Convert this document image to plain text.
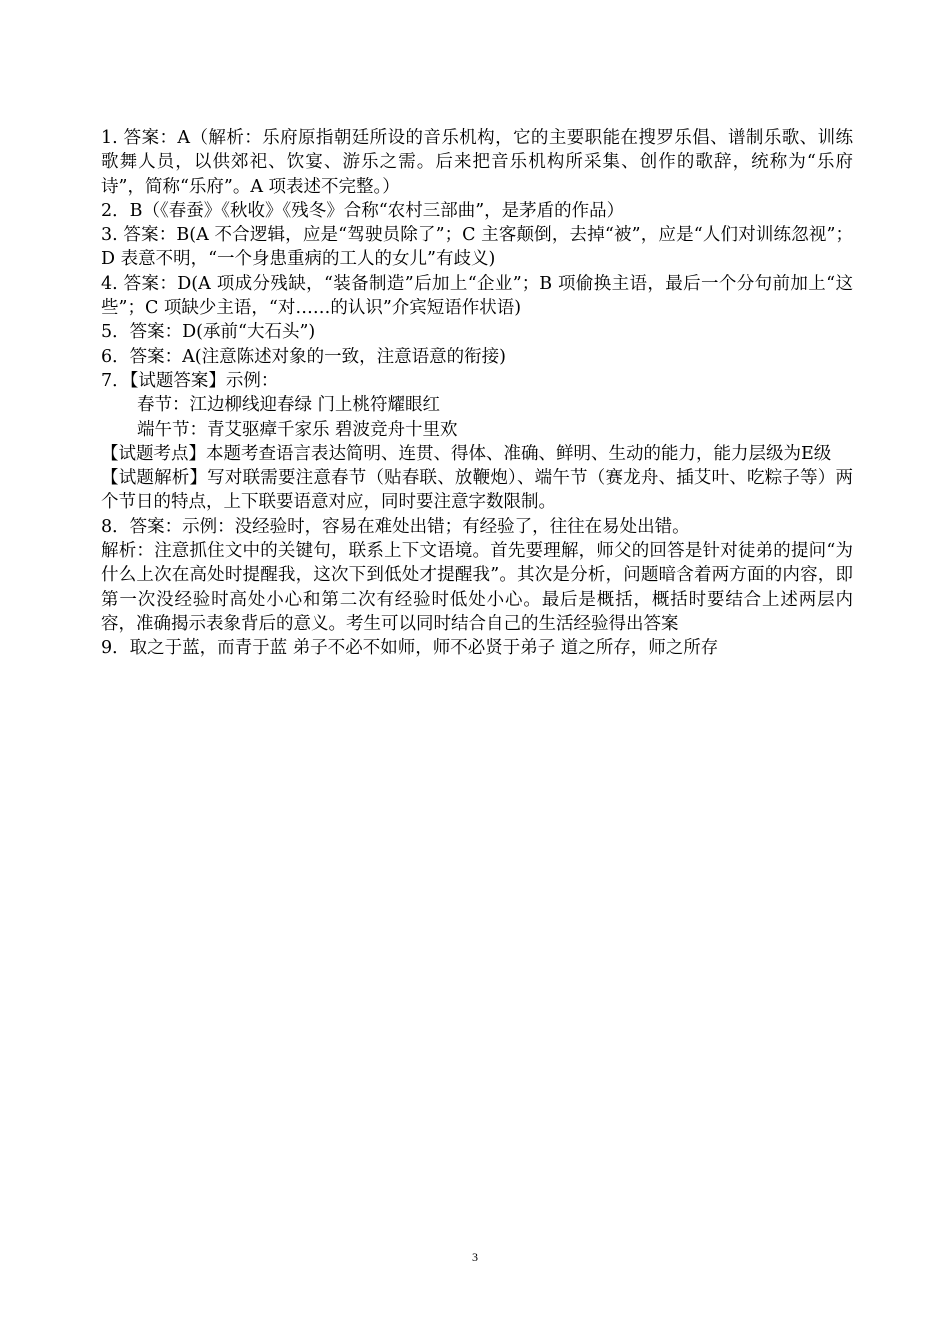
1. 答案：A（解析：乐府原指朝廷所设的音乐机构，它的主要职能在搜罗乐倡、谱制乐歌、训练歌舞人员，以供郊祀、饮宴、游乐之需。后来把音乐机构所采集、创作的歌辞，统称为“乐府诗”，简称“乐府”。A 项表述不完整。）

2．B（《春蚕》《秋收》《残冬》合称“农村三部曲”，是茅盾的作品）

3. 答案：B(A 不合逻辑，应是“驾驶员除了”；C 主客颠倒，去掉“被”，应是“人们对训练忽视”；D 表意不明，“一个身患重病的工人的女儿”有歧义)

4. 答案：D(A 项成分残缺，“装备制造”后加上“企业”；B 项偷换主语，最后一个分句前加上“这些”；C 项缺少主语，“对……的认识”介宾短语作状语)

5．答案：D(承前“大石头”)

6．答案：A(注意陈述对象的一致，注意语意的衔接)

7．【试题答案】示例：

春节：江边柳线迎春绿 门上桃符耀眼红

端午节：青艾驱瘴千家乐 碧波竞舟十里欢

【试题考点】本题考查语言表达简明、连贯、得体、准确、鲜明、生动的能力，能力层级为E级

【试题解析】写对联需要注意春节（贴春联、放鞭炮）、端午节（赛龙舟、插艾叶、吃粽子等）两个节日的特点，上下联要语意对应，同时要注意字数限制。

8．答案：示例：没经验时，容易在难处出错；有经验了，往往在易处出错。

解析：注意抓住文中的关键句，联系上下文语境。首先要理解，师父的回答是针对徒弟的提问“为什么上次在高处时提醒我，这次下到低处才提醒我”。其次是分析，问题暗含着两方面的内容，即第一次没经验时高处小心和第二次有经验时低处小心。最后是概括，概括时要结合上述两层内容，准确揭示表象背后的意义。考生可以同时结合自己的生活经验得出答案

9．取之于蓝，而青于蓝 弟子不必不如师，师不必贤于弟子 道之所存，师之所存

3
